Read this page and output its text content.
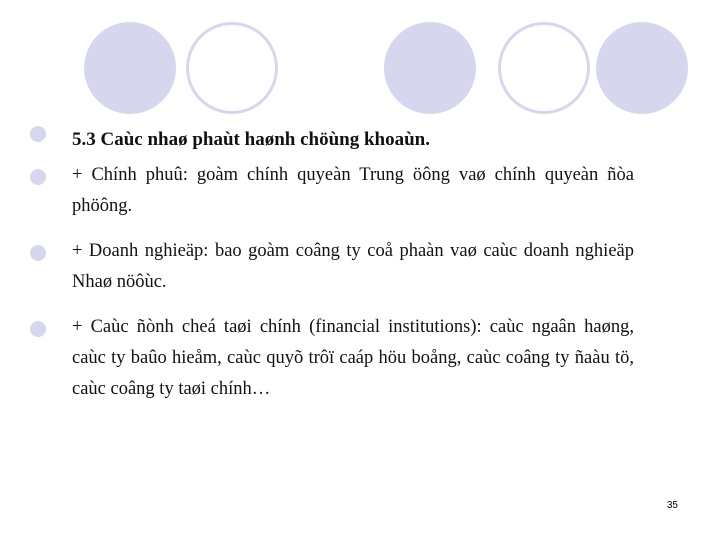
5.3 Caùc nhaø phaùt haønh chöùng khoaùn.

+ Chính phuû: goàm chính quyeàn Trung öông vaø chính quyeàn ñòa phöông.

+ Doanh nghieäp: bao goàm coâng ty coå phaàn vaø caùc doanh nghieäp Nhaø nöôùc.

+ Caùc ñònh cheá taøi chính (financial institutions): caùc ngaân haøng, caùc ty baûo hieåm, caùc quyõ trôï caáp höu boång, caùc coâng ty ñaàu tö, caùc coâng ty taøi chính…

35
